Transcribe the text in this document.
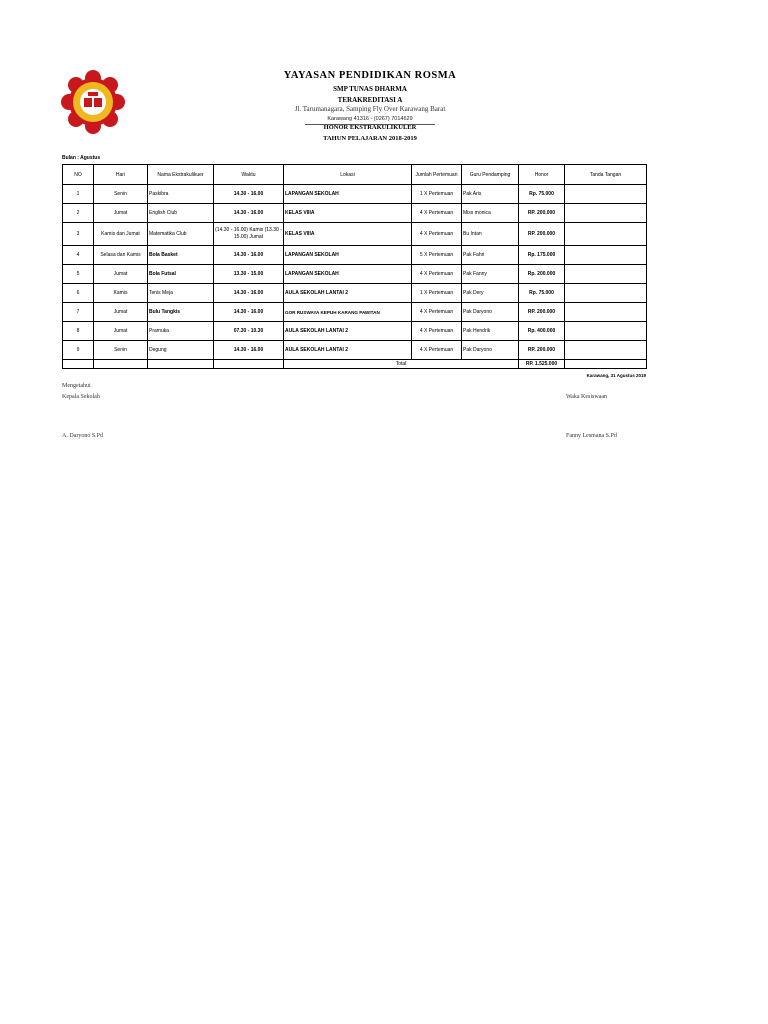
YAYASAN PENDIDIKAN ROSMA
SMP TUNAS DHARMA
TERAKREDITASI A
Jl. Tarumanagara, Samping Fly Over Karawang Barat
Karawang 41316 - (0267) 7014629
HONOR EKSTRAKULIKULER
TAHUN PELAJARAN 2018-2019
Bulan : Agustus
NO	Hari	Nama Ekstrakulikuer	Waktu	Lokasi	Jumlah Pertemuan	Guru Pendamping	Honor	Tanda Tangan
1	Senin	Paskibra	14.30 - 16.00	LAPANGAN SEKOLAH	1 X Pertemuan	Pak Aris	Rp. 75.000	
2	Jumat	English Club	14.30 - 16.00	KELAS VIIIA	4 X Pertemuan	Miss monica	RP. 200.000	
3	Kamis dan Jumat	Matematika Club	(14.30 - 16.00) Kamis (13.30 - 15.00) Jumat	KELAS VIIIA	4 X Pertemuan	Bu Intan	RP. 200.000	
4	Selasa dan Kamis	Bola Basket	14.30 - 16.00	LAPANGAN SEKOLAH	5 X Pertemuan	Pak Fahri	Rp. 175.000	
5	Jumat	Bola Futsal	13.30 - 15.00	LAPANGAN SEKOLAH	4 X Pertemuan	Pak Fanny	Rp. 200.000	
6	Kamis	Tenis Meja	14.30 - 16.00	AULA SEKOLAH LANTAI 2	1 X Pertemuan	Pak Dery	Rp. 75.000	
7	Jumat	Bulu Tangkis	14.30 - 16.00	GOR RUSWAYA KEPUH KARANG PAWITAN	4 X Pertemuan	Pak Daryono	RP. 200.000	
8	Jumat	Pramuka	07.30 - 10.30	AULA SEKOLAH LANTAI 2	4 X Pertemuan	Pak Hendrik	Rp. 400.000	
9	Senin	Degung	14.30 - 16.00	AULA SEKOLAH LANTAI 2	4 X Pertemuan	Pak Daryono	RP. 200.000	
				Total			RP. 1.525.000	
Karawang, 31 Agustus 2019
Mengetahui
Kepala Sekolah
A. Daryono S.Pd
Waka Kesiswaan
Fanny Lesmana S.Pd
